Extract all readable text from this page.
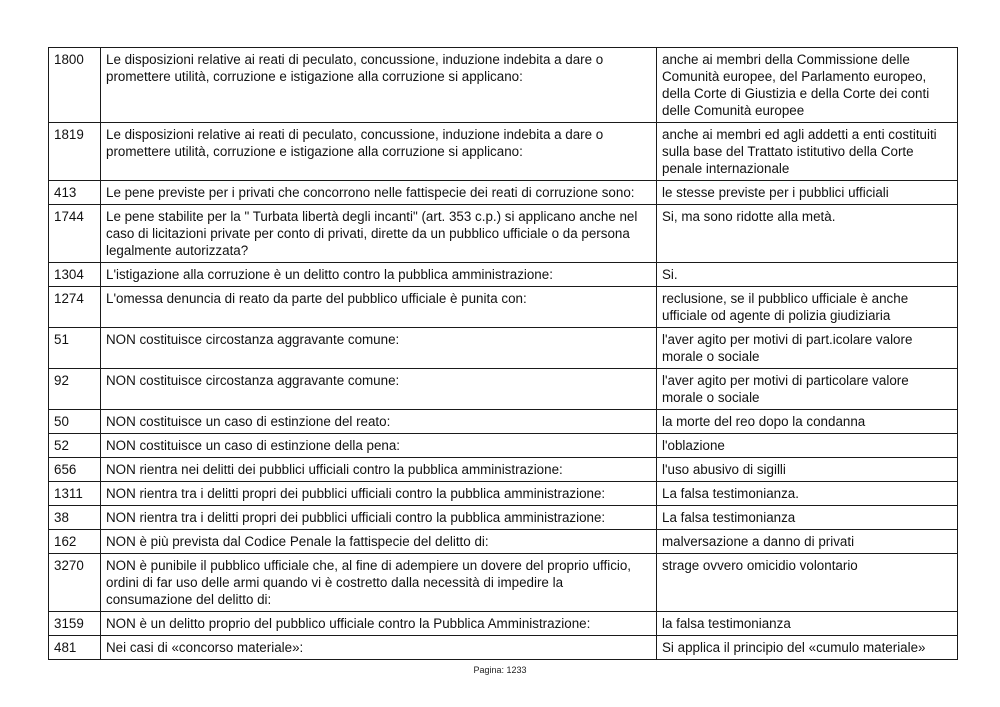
1800	Le disposizioni relative ai reati di peculato, concussione, induzione indebita a dare o promettere utilità, corruzione e istigazione alla corruzione si applicano:	anche ai membri della Commissione delle Comunità europee, del Parlamento europeo, della Corte di Giustizia e della Corte dei conti delle Comunità europee
1819	Le disposizioni relative ai reati di peculato, concussione, induzione indebita a dare o promettere utilità, corruzione e istigazione alla corruzione si applicano:	anche ai membri ed agli addetti a enti costituiti sulla base del Trattato istitutivo della Corte penale internazionale
413	Le pene previste per i privati che concorrono nelle fattispecie dei reati di corruzione sono:	le stesse previste per i pubblici ufficiali
1744	Le pene stabilite per la " Turbata libertà degli incanti" (art. 353 c.p.) si applicano anche nel caso di licitazioni private per conto di privati, dirette da un pubblico ufficiale o da persona legalmente autorizzata?	Si, ma sono ridotte alla metà.
1304	L'istigazione alla corruzione è un delitto contro la pubblica amministrazione:	Si.
1274	L'omessa denuncia di reato da parte del pubblico ufficiale è punita con:	reclusione, se il pubblico ufficiale è anche ufficiale od agente di polizia giudiziaria
51	NON costituisce circostanza aggravante comune:	l'aver agito per motivi di part.icolare valore morale o sociale
92	NON costituisce circostanza aggravante comune:	l'aver agito per motivi di particolare valore morale o sociale
50	NON costituisce un caso di estinzione del reato:	la morte del reo dopo la condanna
52	NON costituisce un caso di estinzione della pena:	l'oblazione
656	NON rientra nei delitti dei pubblici ufficiali contro la pubblica amministrazione:	l'uso abusivo di sigilli
1311	NON rientra tra i delitti propri dei pubblici ufficiali contro la pubblica amministrazione:	La falsa testimonianza.
38	NON rientra tra i delitti propri dei pubblici ufficiali contro la pubblica amministrazione:	La falsa testimonianza
162	NON è più prevista dal Codice Penale la fattispecie del delitto di:	malversazione a danno di privati
3270	NON è punibile il pubblico ufficiale che, al fine di adempiere un dovere del proprio ufficio, ordini di far uso delle armi quando vi è costretto dalla necessità di impedire la consumazione del delitto di:	strage ovvero omicidio volontario
3159	NON è un delitto proprio del pubblico ufficiale contro la Pubblica Amministrazione:	la falsa testimonianza
481	Nei casi di «concorso materiale»:	Si applica il principio del «cumulo materiale»
Pagina: 1233
